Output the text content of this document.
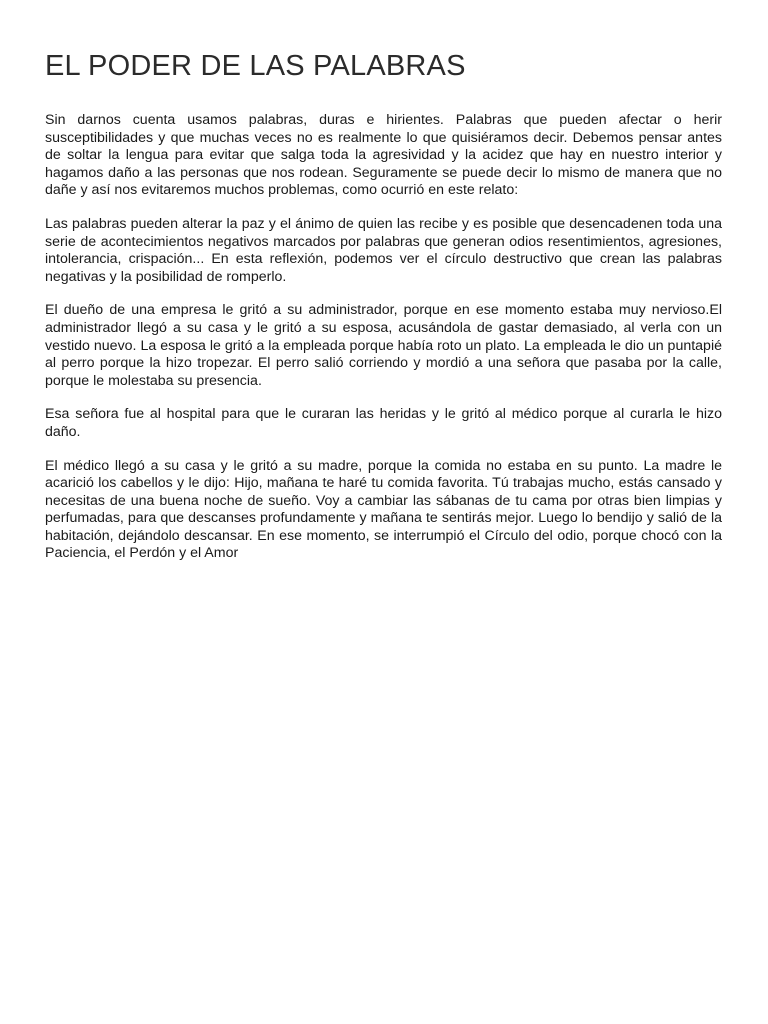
EL PODER DE LAS PALABRAS

Sin darnos cuenta usamos palabras, duras e hirientes. Palabras que pueden afectar o herir susceptibilidades y que muchas veces no es realmente lo que quisiéramos decir. Debemos pensar antes de soltar la lengua para evitar que salga toda la agresividad y la acidez que hay en nuestro interior y hagamos daño a las personas que nos rodean. Seguramente se puede decir lo mismo de manera que no dañe y así nos evitaremos muchos problemas, como ocurrió en este relato:

Las palabras pueden alterar la paz y el ánimo de quien las recibe y es posible que desencadenen toda una serie de acontecimientos negativos marcados por palabras que generan odios resentimientos, agresiones, intolerancia, crispación... En esta reflexión, podemos ver el círculo destructivo que crean las palabras negativas y la posibilidad de romperlo.

El dueño de una empresa le gritó a su administrador, porque en ese momento estaba muy nervioso.El administrador llegó a su casa y le gritó a su esposa, acusándola de gastar demasiado, al verla con un vestido nuevo. La esposa le gritó a la empleada porque había roto un plato. La empleada le dio un puntapié al perro porque la hizo tropezar. El perro salió corriendo y mordió a una señora que pasaba por la calle, porque le molestaba su presencia.

Esa señora fue al hospital para que le curaran las heridas y le gritó al médico porque al curarla le hizo daño.

El médico llegó a su casa y le gritó a su madre, porque la comida no estaba en su punto. La madre le acarició los cabellos y le dijo: Hijo, mañana te haré tu comida favorita. Tú trabajas mucho, estás cansado y necesitas de una buena noche de sueño. Voy a cambiar las sábanas de tu cama por otras bien limpias y perfumadas, para que descanses profundamente y mañana te sentirás mejor. Luego lo bendijo y salió de la habitación, dejándolo descansar. En ese momento, se interrumpió el Círculo del odio, porque chocó con la Paciencia, el Perdón y el Amor
